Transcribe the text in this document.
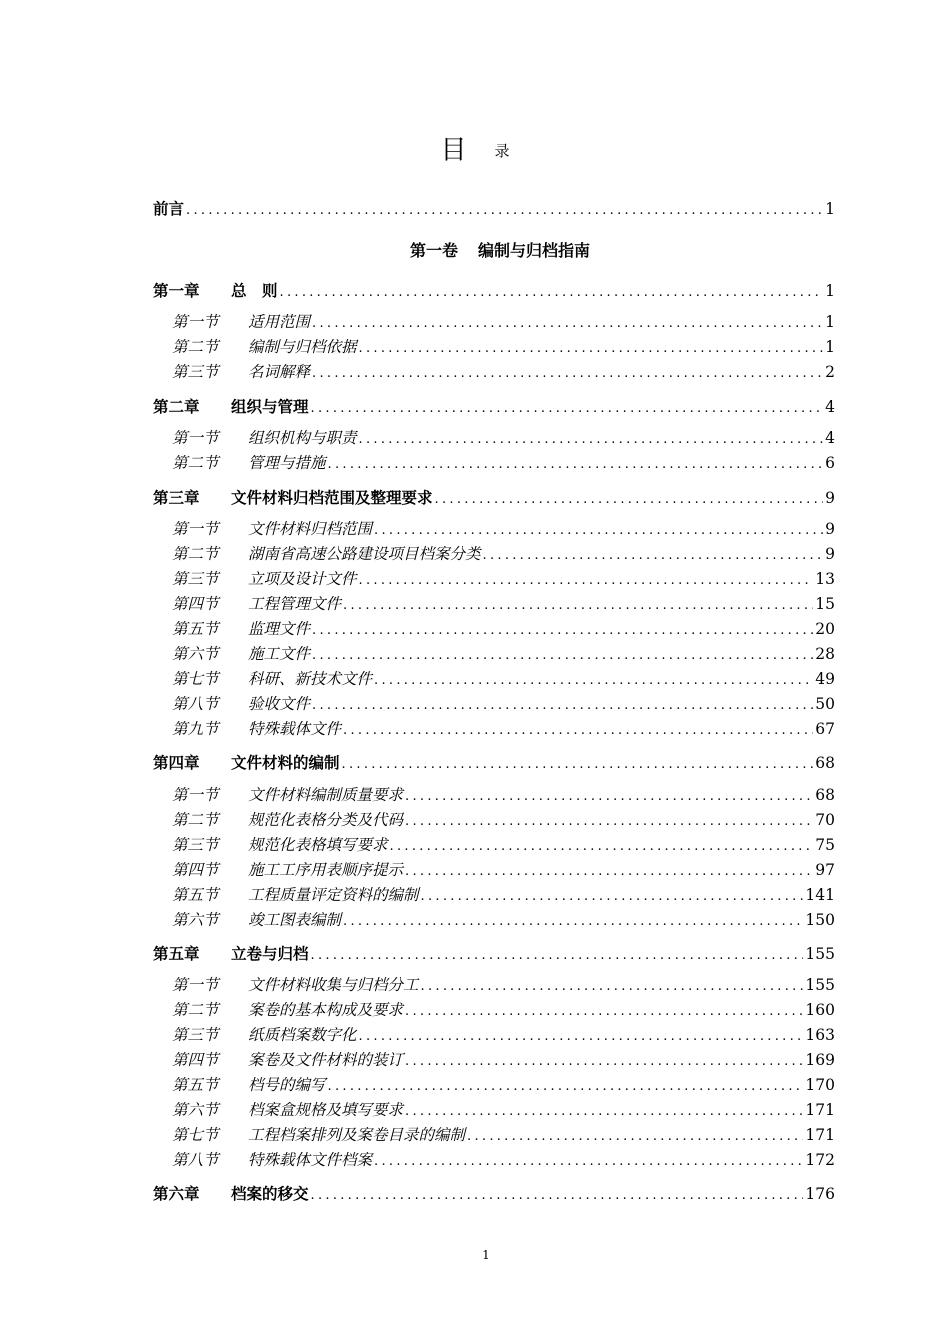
目 录
前言 .....	1
第一卷 编制与归档指南
第一章	总　则 .....	1
第一节	适用范围 .....	1
第二节	编制与归档依据 .....	1
第三节	名词解释 .....	2
第二章	组织与管理 .....	4
第一节	组织机构与职责 .....	4
第二节	管理与措施 .....	6
第三章	文件材料归档范围及整理要求 .....	9
第一节	文件材料归档范围 .....	9
第二节	湖南省高速公路建设项目档案分类 .....	9
第三节	立项及设计文件 .....	13
第四节	工程管理文件 .....	15
第五节	监理文件 .....	20
第六节	施工文件 .....	28
第七节	科研、新技术文件 .....	49
第八节	验收文件 .....	50
第九节	特殊载体文件 .....	67
第四章	文件材料的编制 .....	68
第一节	文件材料编制质量要求 .....	68
第二节	规范化表格分类及代码 .....	70
第三节	规范化表格填写要求 .....	75
第四节	施工工序用表顺序提示 .....	97
第五节	工程质量评定资料的编制 .....	141
第六节	竣工图表编制 .....	150
第五章	立卷与归档 .....	155
第一节	文件材料收集与归档分工 .....	155
第二节	案卷的基本构成及要求 .....	160
第三节	纸质档案数字化 .....	163
第四节	案卷及文件材料的装订 .....	169
第五节	档号的编写 .....	170
第六节	档案盒规格及填写要求 .....	171
第七节	工程档案排列及案卷目录的编制 .....	171
第八节	特殊载体文件档案 .....	172
第六章	档案的移交 .....	176
1
